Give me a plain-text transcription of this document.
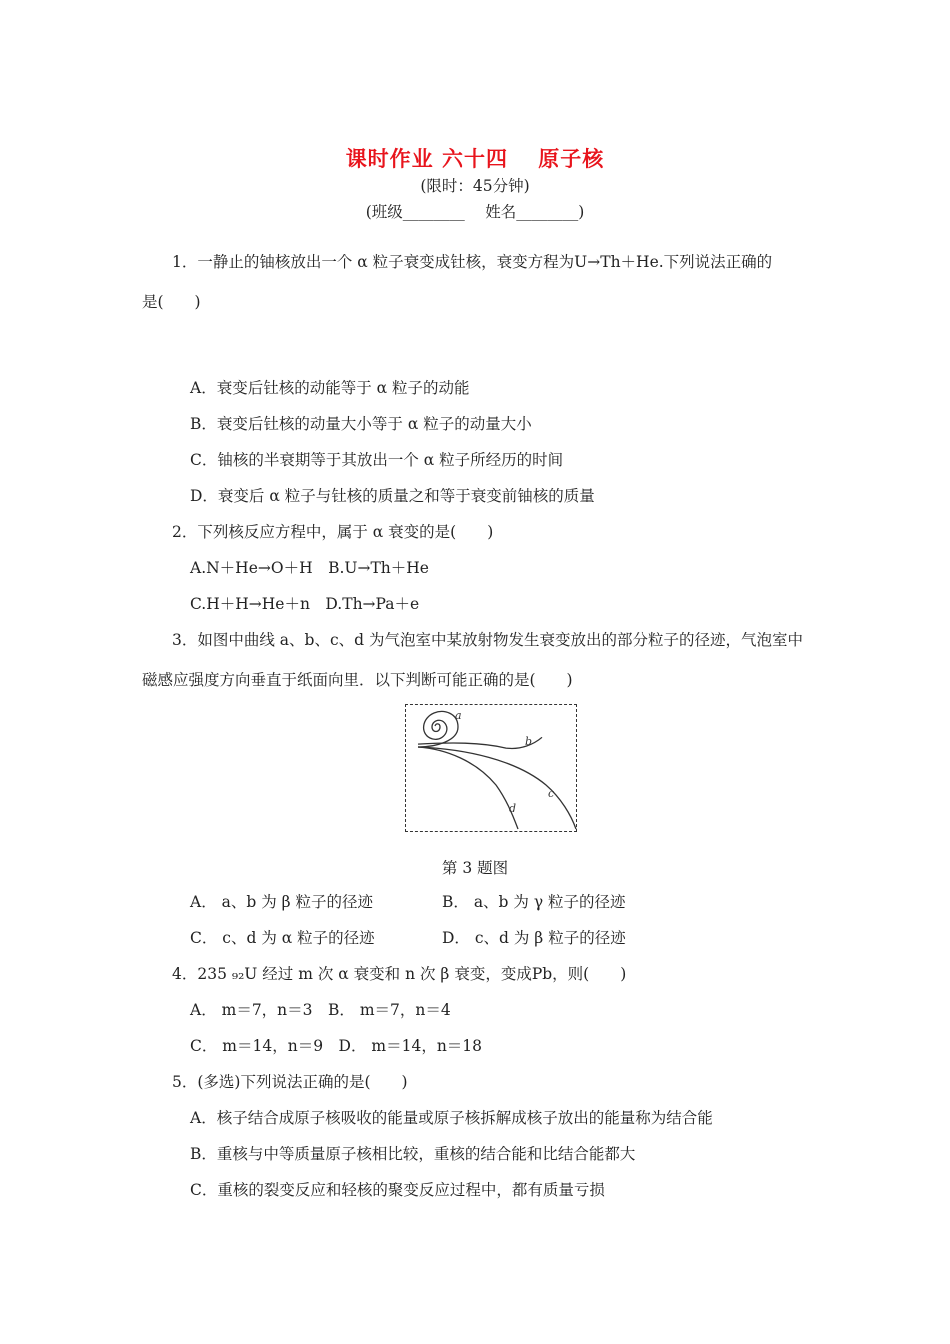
课时作业 六十四　 原子核
(限时：45分钟)
(班级________　 姓名________)
1．一静止的铀核放出一个 α 粒子衰变成钍核，衰变方程为U→Th＋He.下列说法正确的
是(　　)
A．衰变后钍核的动能等于 α 粒子的动能
B．衰变后钍核的动量大小等于 α 粒子的动量大小
C．铀核的半衰期等于其放出一个 α 粒子所经历的时间
D．衰变后 α 粒子与钍核的质量之和等于衰变前铀核的质量
2．下列核反应方程中，属于 α 衰变的是(　　)
A.N＋He→O＋H　B.U→Th＋He
C.H＋H→He＋n　D.Th→Pa＋e
3．如图中曲线 a、b、c、d 为气泡室中某放射物发生衰变放出的部分粒子的径迹，气泡室中
磁感应强度方向垂直于纸面向里．以下判断可能正确的是(　　)
a
b
c
d
第 3 题图
A． a、b 为 β 粒子的径迹	B． a、b 为 γ 粒子的径迹
C． c、d 为 α 粒子的径迹	D． c、d 为 β 粒子的径迹
4．235 ₉₂U 经过 m 次 α 衰变和 n 次 β 衰变，变成Pb，则(　　)
A． m＝7，n＝3　B． m＝7，n＝4
C． m＝14，n＝9　D． m＝14，n＝18
5．(多选)下列说法正确的是(　　)
A．核子结合成原子核吸收的能量或原子核拆解成核子放出的能量称为结合能
B．重核与中等质量原子核相比较，重核的结合能和比结合能都大
C．重核的裂变反应和轻核的聚变反应过程中，都有质量亏损
